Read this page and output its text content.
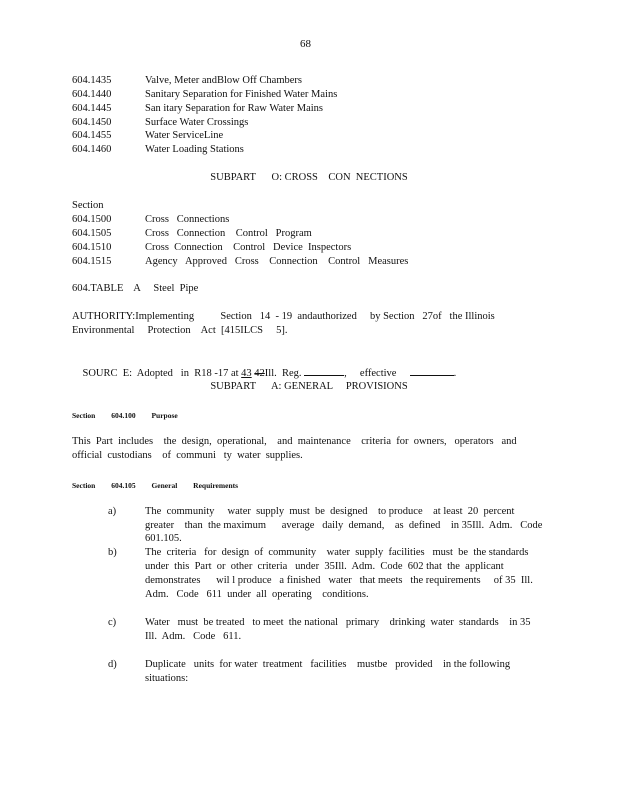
68
604.1435	Valve, Meter andBlow Off Chambers
604.1440	Sanitary Separation for Finished Water Mains
604.1445	San itary Separation for Raw Water Mains
604.1450	Surface Water Crossings
604.1455	Water ServiceLine
604.1460	Water Loading Stations
SUBPART      O: CROSS    CON  NECTIONS
Section
604.1500	Cross   Connections
604.1505	Cross   Connection    Control   Program
604.1510	Cross  Connection    Control   Device  Inspectors
604.1515	Agency   Approved   Cross    Connection    Control   Measures
604.TABLE    A     Steel  Pipe
AUTHORITY:Implementing          Section   14  - 19  andauthorized     by Section   27of   the Illinois
Environmental     Protection    Act  [415ILCS     5].

SOURC  E:  Adopted   in  R18 -17 at 43 42Ill.  Reg.	,     effective	.

SUBPART      A: GENERAL     PROVISIONS
Section 604.100 Purpose
This  Part  includes    the  design,  operational,    and  maintenance    criteria  for  owners,   operators   and
official  custodians    of  communi   ty  water  supplies.
Section 604.105 General Requirements
a)	The  community     water  supply  must  be  designed    to produce    at least  20  percent
greater    than  the maximum      average   daily  demand,    as  defined    in 35Ill.  Adm.   Code
601.105.
b)	The  criteria   for  design  of  community    water  supply  facilities   must  be  the standards
under  this  Part  or  other  criteria   under  35Ill.  Adm.  Code  602 that  the  applicant
demonstrates      wil l produce   a finished   water   that meets   the requirements     of 35  Ill.
Adm.   Code   611  under  all  operating    conditions.
c)	Water   must  be treated   to meet  the national   primary    drinking  water  standards    in 35
Ill.  Adm.   Code   611.
d)	Duplicate   units  for water  treatment   facilities    mustbe   provided    in the following
situations:
